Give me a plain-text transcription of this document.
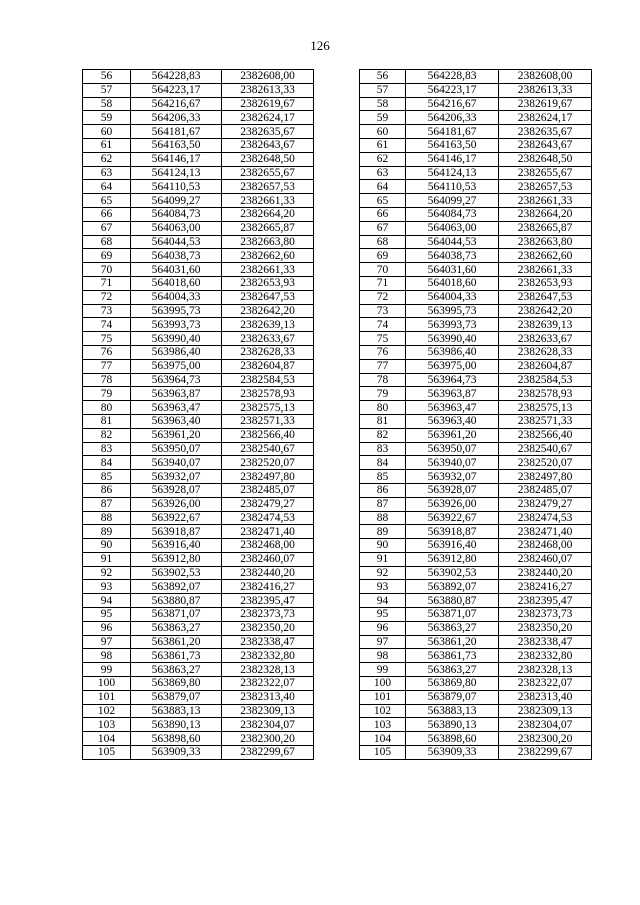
126
56	564228,83	2382608,00		56	564228,83	2382608,00
57	564223,17	2382613,33		57	564223,17	2382613,33
58	564216,67	2382619,67		58	564216,67	2382619,67
59	564206,33	2382624,17		59	564206,33	2382624,17
60	564181,67	2382635,67		60	564181,67	2382635,67
61	564163,50	2382643,67		61	564163,50	2382643,67
62	564146,17	2382648,50		62	564146,17	2382648,50
63	564124,13	2382655,67		63	564124,13	2382655,67
64	564110,53	2382657,53		64	564110,53	2382657,53
65	564099,27	2382661,33		65	564099,27	2382661,33
66	564084,73	2382664,20		66	564084,73	2382664,20
67	564063,00	2382665,87		67	564063,00	2382665,87
68	564044,53	2382663,80		68	564044,53	2382663,80
69	564038,73	2382662,60		69	564038,73	2382662,60
70	564031,60	2382661,33		70	564031,60	2382661,33
71	564018,60	2382653,93		71	564018,60	2382653,93
72	564004,33	2382647,53		72	564004,33	2382647,53
73	563995,73	2382642,20		73	563995,73	2382642,20
74	563993,73	2382639,13		74	563993,73	2382639,13
75	563990,40	2382633,67		75	563990,40	2382633,67
76	563986,40	2382628,33		76	563986,40	2382628,33
77	563975,00	2382604,87		77	563975,00	2382604,87
78	563964,73	2382584,53		78	563964,73	2382584,53
79	563963,87	2382578,93		79	563963,87	2382578,93
80	563963,47	2382575,13		80	563963,47	2382575,13
81	563963,40	2382571,33		81	563963,40	2382571,33
82	563961,20	2382566,40		82	563961,20	2382566,40
83	563950,07	2382540,67		83	563950,07	2382540,67
84	563940,07	2382520,07		84	563940,07	2382520,07
85	563932,07	2382497,80		85	563932,07	2382497,80
86	563928,07	2382485,07		86	563928,07	2382485,07
87	563926,00	2382479,27		87	563926,00	2382479,27
88	563922,67	2382474,53		88	563922,67	2382474,53
89	563918,87	2382471,40		89	563918,87	2382471,40
90	563916,40	2382468,00		90	563916,40	2382468,00
91	563912,80	2382460,07		91	563912,80	2382460,07
92	563902,53	2382440,20		92	563902,53	2382440,20
93	563892,07	2382416,27		93	563892,07	2382416,27
94	563880,87	2382395,47		94	563880,87	2382395,47
95	563871,07	2382373,73		95	563871,07	2382373,73
96	563863,27	2382350,20		96	563863,27	2382350,20
97	563861,20	2382338,47		97	563861,20	2382338,47
98	563861,73	2382332,80		98	563861,73	2382332,80
99	563863,27	2382328,13		99	563863,27	2382328,13
100	563869,80	2382322,07		100	563869,80	2382322,07
101	563879,07	2382313,40		101	563879,07	2382313,40
102	563883,13	2382309,13		102	563883,13	2382309,13
103	563890,13	2382304,07		103	563890,13	2382304,07
104	563898,60	2382300,20		104	563898,60	2382300,20
105	563909,33	2382299,67		105	563909,33	2382299,67
